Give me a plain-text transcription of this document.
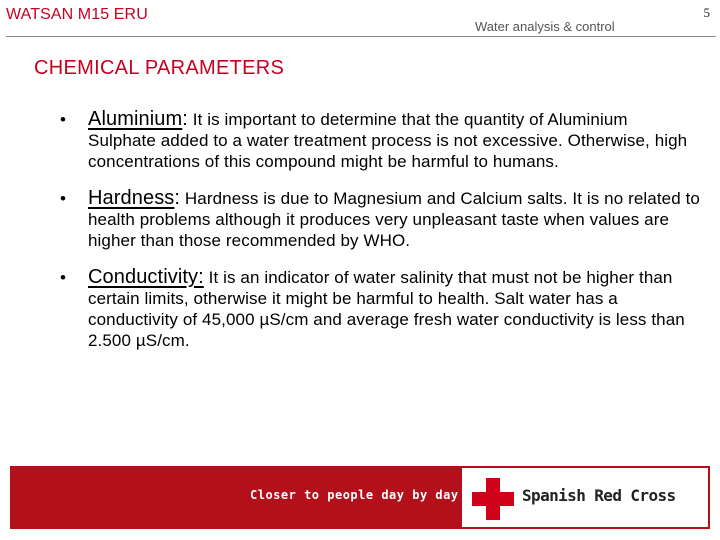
WATSAN M15 ERU
Water analysis & control
5
CHEMICAL PARAMETERS
• Aluminium: It is important to determine that the quantity of Aluminium Sulphate added to a water treatment process is not excessive. Otherwise, high concentrations of this compound might be harmful to humans.
• Hardness: Hardness is due to Magnesium and Calcium salts. It is no related to health problems although it produces very unpleasant taste when values are higher than those recommended by WHO.
• Conductivity: It is an indicator of water salinity that must not be higher than certain limits, otherwise it might be harmful to health. Salt water has a conductivity of 45,000 µS/cm and average fresh water conductivity is less than 2.500 µS/cm.
Closer to people day by day	Spanish Red Cross
